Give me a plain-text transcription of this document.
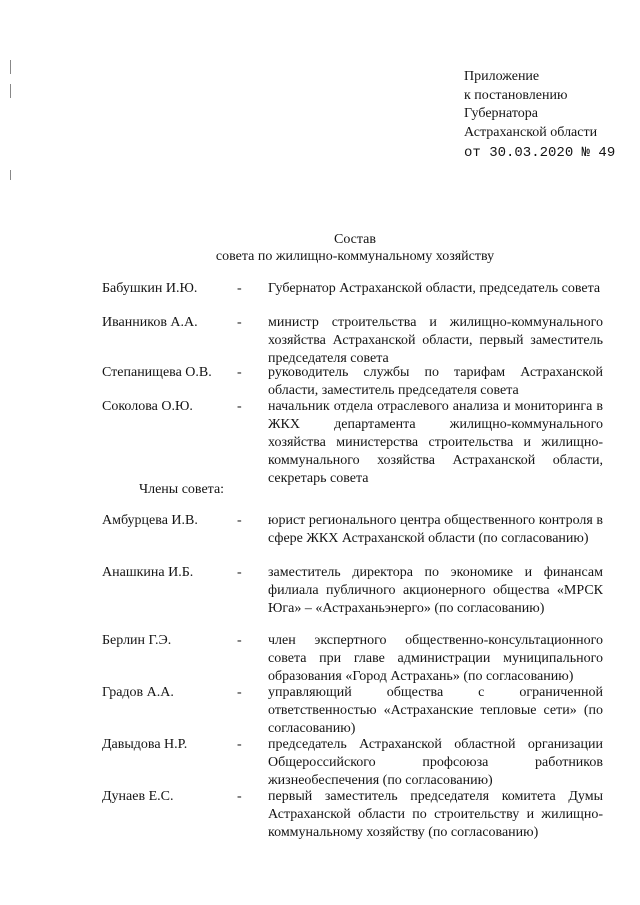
Приложение
к постановлению
Губернатора
Астраханской области
от 30.03.2020 № 49
Состав
совета по жилищно-коммунальному хозяйству
Бабушкин И.Ю.	- Губернатор Астраханской области, председатель совета
Иванников А.А.	- министр строительства и жилищно-коммунального хозяйства Астраханской области, первый заместитель председателя совета
Степанищева О.В. - руководитель службы по тарифам Астраханской области, заместитель председателя совета
Соколова О.Ю.	- начальник отдела отраслевого анализа и мониторинга в ЖКХ департамента жилищно-коммунального хозяйства министерства строительства и жилищно-коммунального хозяйства Астраханской области, секретарь совета
Члены совета:
Амбурцева И.В.	- юрист регионального центра общественного контроля в сфере ЖКХ Астраханской области (по согласованию)
Анашкина И.Б.	- заместитель директора по экономике и финансам филиала публичного акционерного общества «МРСК Юга» – «Астраханьэнерго» (по согласованию)
Берлин Г.Э.	- член экспертного общественно-консультационного совета при главе администрации муниципального образования «Город Астрахань» (по согласованию)
Градов А.А.	- управляющий общества с ограниченной ответственностью «Астраханские тепловые сети» (по согласованию)
Давыдова Н.Р.	- председатель Астраханской областной организации Общероссийского профсоюза работников жизнеобеспечения (по согласованию)
Дунаев Е.С.	- первый заместитель председателя комитета Думы Астраханской области по строительству и жилищно-коммунальному хозяйству (по согласованию)
